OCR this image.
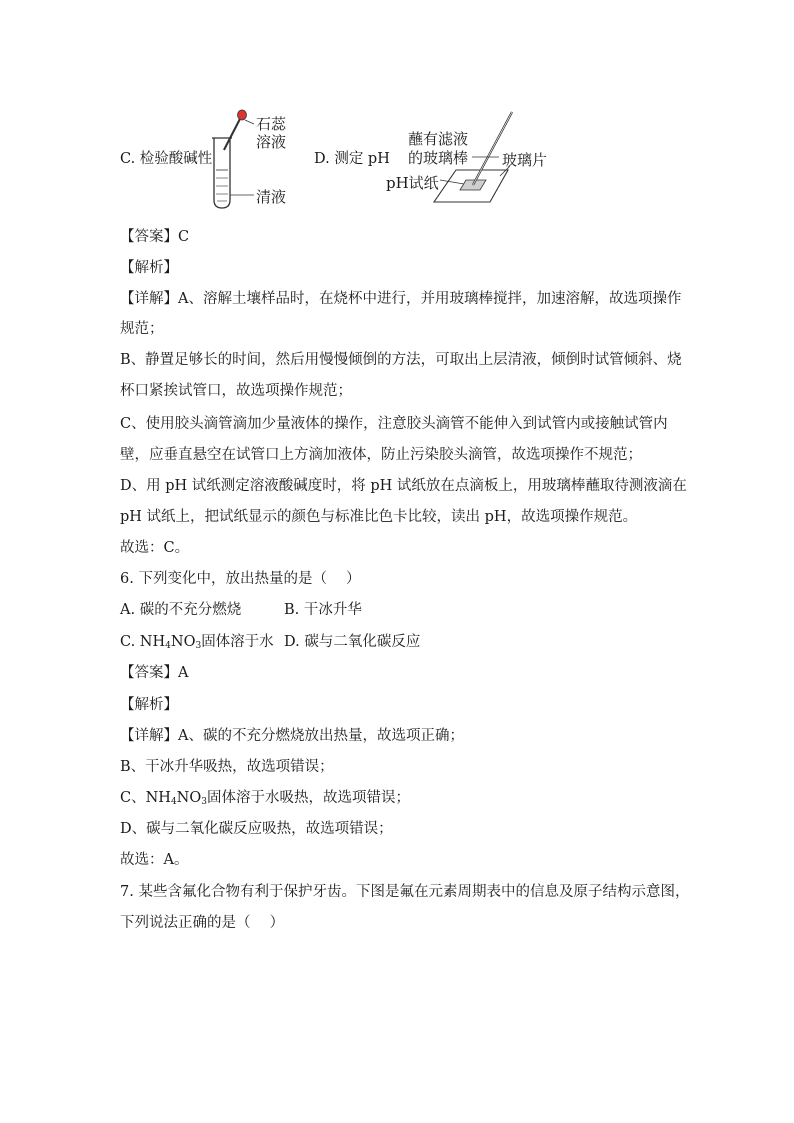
C. 检验酸碱性
石蕊
溶液
清液
D. 测定 pH
蘸有滤液
的玻璃棒 玻璃片
pH试纸
【答案】C
【解析】
【详解】A、溶解土壤样品时，在烧杯中进行，并用玻璃棒搅拌，加速溶解，故选项操作
规范；
B、静置足够长的时间，然后用慢慢倾倒的方法，可取出上层清液，倾倒时试管倾斜、烧
杯口紧挨试管口，故选项操作规范；
C、使用胶头滴管滴加少量液体的操作，注意胶头滴管不能伸入到试管内或接触试管内
壁，应垂直悬空在试管口上方滴加液体，防止污染胶头滴管，故选项操作不规范；
D、用 pH 试纸测定溶液酸碱度时，将 pH 试纸放在点滴板上，用玻璃棒蘸取待测液滴在
pH 试纸上，把试纸显示的颜色与标准比色卡比较，读出 pH，故选项操作规范。
故选：C。
6. 下列变化中，放出热量的是（　 ）
A. 碳的不充分燃烧	B. 干冰升华
C. $NH_4NO_3$固体溶于水 D. 碳与二氧化碳反应
【答案】A
【解析】
【详解】A、碳的不充分燃烧放出热量，故选项正确；
B、干冰升华吸热，故选项错误；
C、$NH_4NO_3$固体溶于水吸热，故选项错误；
D、碳与二氧化碳反应吸热，故选项错误；
故选：A。
7. 某些含氟化合物有利于保护牙齿。下图是氟在元素周期表中的信息及原子结构示意图，
下列说法正确的是（　 ）
